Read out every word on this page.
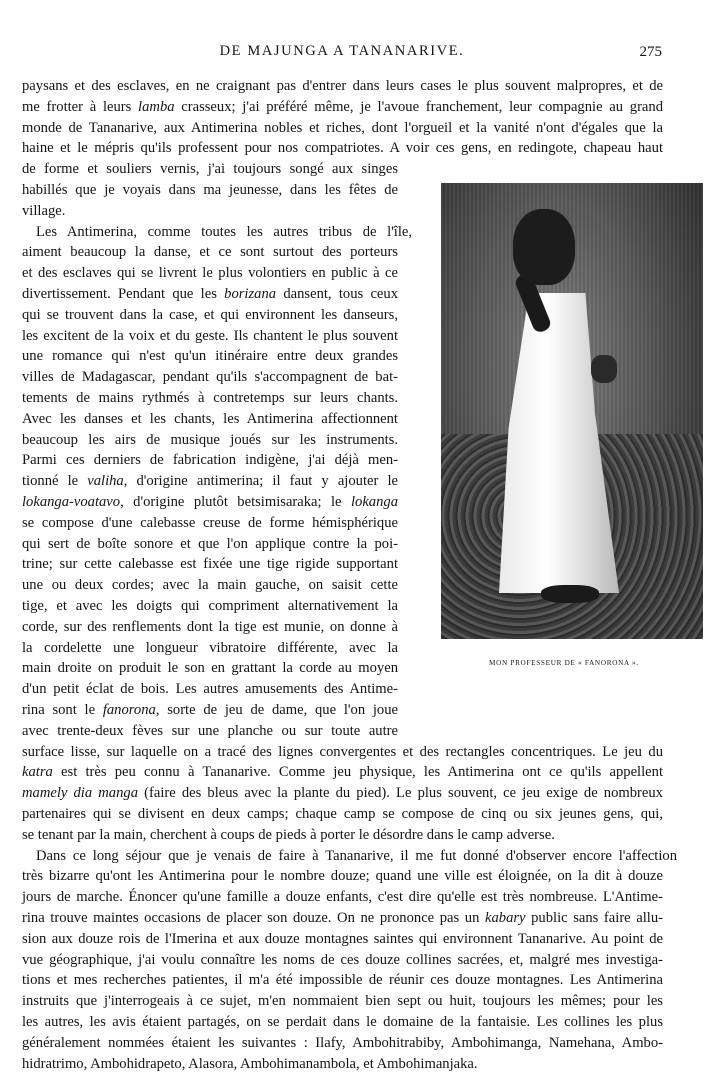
DE MAJUNGA A TANANARIVE.	275
paysans et des esclaves, en ne craignant pas d'entrer dans leurs cases le plus souvent malpropres, et de
me frotter à leurs lamba crasseux; j'ai préféré même, je l'avoue franchement, leur compagnie au grand
monde de Tananarive, aux Antimerina nobles et riches, dont l'orgueil et la vanité n'ont d'égales que la
haine et le mépris qu'ils professent pour nos compatriotes. A voir ces gens, en redingote, chapeau haut
de forme et souliers vernis, j'ai toujours songé aux singes
habillés que je voyais dans ma jeunesse, dans les fêtes de
village.
Les Antimerina, comme toutes les autres tribus de l'île,
aiment beaucoup la danse, et ce sont surtout des porteurs
et des esclaves qui se livrent le plus volontiers en public à ce
divertissement. Pendant que les borizana dansent, tous ceux
qui se trouvent dans la case, et qui environnent les danseurs,
les excitent de la voix et du geste. Ils chantent le plus souvent
une romance qui n'est qu'un itinéraire entre deux grandes
villes de Madagascar, pendant qu'ils s'accompagnent de bat-
tements de mains rythmés à contretemps sur leurs chants.
Avec les danses et les chants, les Antimerina affectionnent
beaucoup les airs de musique joués sur les instruments.
Parmi ces derniers de fabrication indigène, j'ai déjà men-
tionné le valiha, d'origine antimerina; il faut y ajouter le
lokanga-voatavo, d'origine plutôt betsimisaraka; le lokanga
se compose d'une calebasse creuse de forme hémisphérique
qui sert de boîte sonore et que l'on applique contre la poi-
trine; sur cette calebasse est fixée une tige rigide supportant
une ou deux cordes; avec la main gauche, on saisit cette
tige, et avec les doigts qui compriment alternativement la
corde, sur des renflements dont la tige est munie, on donne à
la cordelette une longueur vibratoire différente, avec la
main droite on produit le son en grattant la corde au moyen
d'un petit éclat de bois. Les autres amusements des Antime-
rina sont le fanorona, sorte de jeu de dame, que l'on joue
avec trente-deux fèves sur une planche ou sur toute autre
surface lisse, sur laquelle on a tracé des lignes convergentes et des rectangles concentriques. Le jeu du
katra est très peu connu à Tananarive. Comme jeu physique, les Antimerina ont ce qu'ils appellent
mamely dia manga (faire des bleus avec la plante du pied). Le plus souvent, ce jeu exige de nombreux
partenaires qui se divisent en deux camps; chaque camp se compose de cinq ou six jeunes gens, qui,
se tenant par la main, cherchent à coups de pieds à porter le désordre dans le camp adverse.
Dans ce long séjour que je venais de faire à Tananarive, il me fut donné d'observer encore l'affection
très bizarre qu'ont les Antimerina pour le nombre douze; quand une ville est éloignée, on la dit à douze
jours de marche. Énoncer qu'une famille a douze enfants, c'est dire qu'elle est très nombreuse. L'Antime-
rina trouve maintes occasions de placer son douze. On ne prononce pas un kabary public sans faire allu-
sion aux douze rois de l'Imerina et aux douze montagnes saintes qui environnent Tananarive. Au point de
vue géographique, j'ai voulu connaître les noms de ces douze collines sacrées, et, malgré mes investiga-
tions et mes recherches patientes, il m'a été impossible de réunir ces douze montagnes. Les Antimerina
instruits que j'interrogeais à ce sujet, m'en nommaient bien sept ou huit, toujours les mêmes; pour les
les autres, les avis étaient partagés, on se perdait dans le domaine de la fantaisie. Les collines les plus
généralement nommées étaient les suivantes : Ilafy, Ambohitrabiby, Ambohimanga, Namehana, Ambo-
hidratrimo, Ambohidrapeto, Alasora, Ambohimanambola, et Ambohimanjaka.
MON PROFESSEUR DE « FANORONA ».
